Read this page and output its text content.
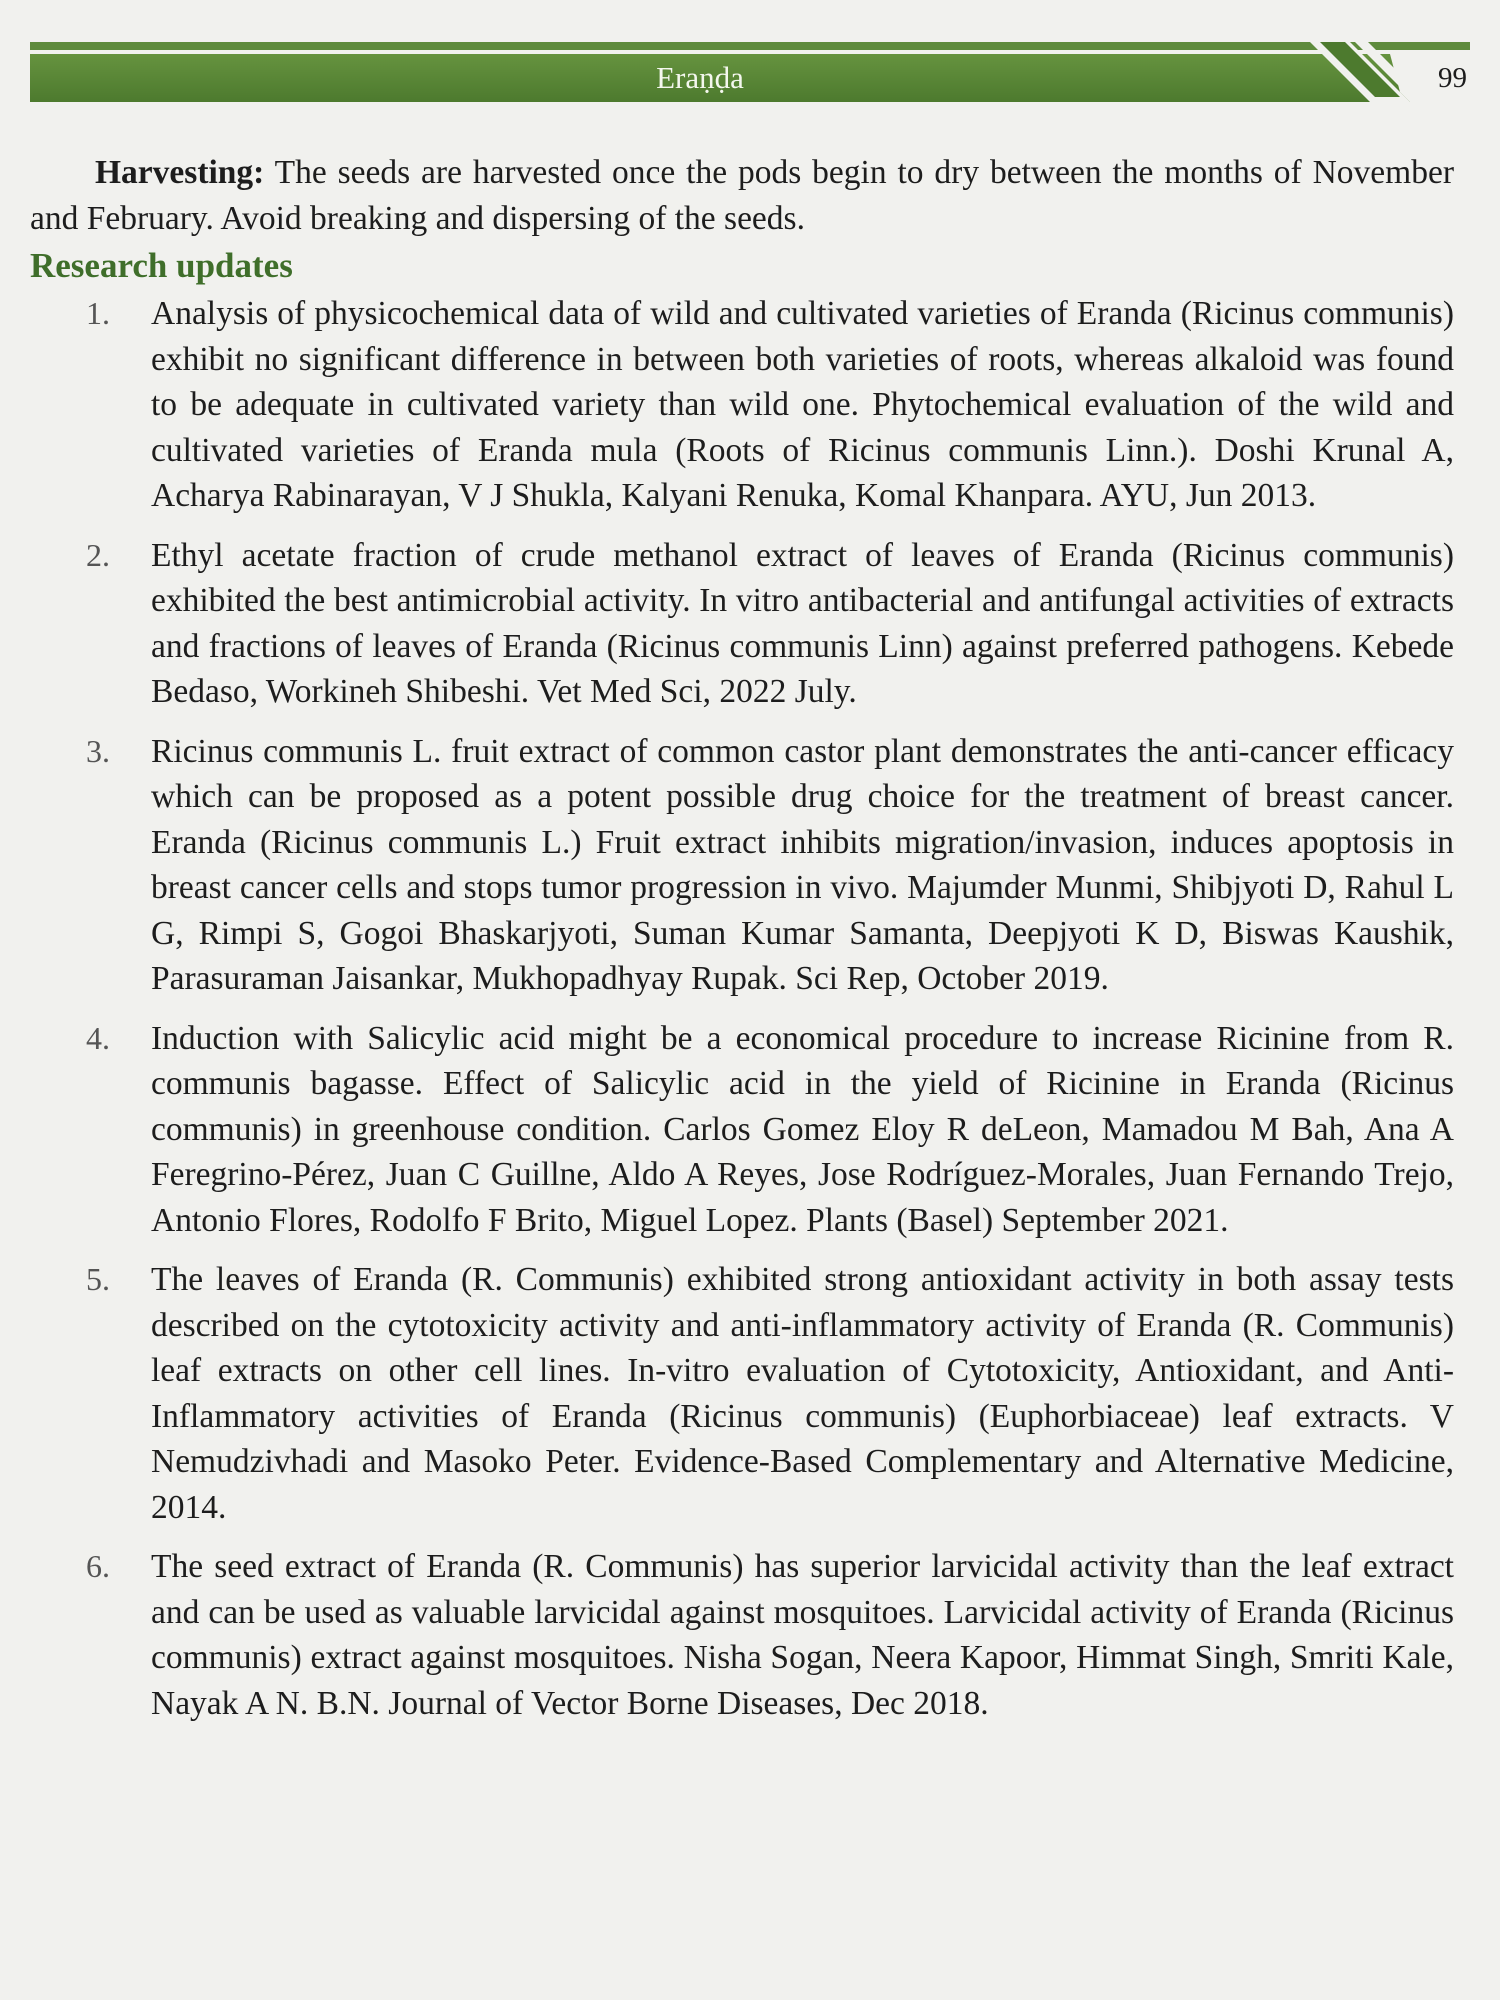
Eraṇḍa	99

Harvesting: The seeds are harvested once the pods begin to dry between the months of November and February. Avoid breaking and dispersing of the seeds.

Research updates
1. Analysis of physicochemical data of wild and cultivated varieties of Eranda (Ricinus communis) exhibit no significant difference in between both varieties of roots, whereas alkaloid was found to be adequate in cultivated variety than wild one. Phytochemical evaluation of the wild and cultivated varieties of Eranda mula (Roots of Ricinus communis Linn.). Doshi Krunal A, Acharya Rabinarayan, V J Shukla, Kalyani Renuka, Komal Khanpara. AYU, Jun 2013.
2. Ethyl acetate fraction of crude methanol extract of leaves of Eranda (Ricinus communis) exhibited the best antimicrobial activity. In vitro antibacterial and antifungal activities of extracts and fractions of leaves of Eranda (Ricinus communis Linn) against preferred pathogens. Kebede Bedaso, Workineh Shibeshi. Vet Med Sci, 2022 July.
3. Ricinus communis L. fruit extract of common castor plant demonstrates the anti-cancer efficacy which can be proposed as a potent possible drug choice for the treatment of breast cancer. Eranda (Ricinus communis L.) Fruit extract inhibits migration/invasion, induces apoptosis in breast cancer cells and stops tumor progression in vivo. Majumder Munmi, Shibjyoti D, Rahul L G, Rimpi S, Gogoi Bhaskarjyoti, Suman Kumar Samanta, Deepjyoti K D, Biswas Kaushik, Parasuraman Jaisankar, Mukhopadhyay Rupak. Sci Rep, October 2019.
4. Induction with Salicylic acid might be a economical procedure to increase Ricinine from R. communis bagasse. Effect of Salicylic acid in the yield of Ricinine in Eranda (Ricinus communis) in greenhouse condition. Carlos Gomez Eloy R deLeon, Mamadou M Bah, Ana A Feregrino-Pérez, Juan C Guillne, Aldo A Reyes, Jose Rodríguez-Morales, Juan Fernando Trejo, Antonio Flores, Rodolfo F Brito, Miguel Lopez. Plants (Basel) September 2021.
5. The leaves of Eranda (R. Communis) exhibited strong antioxidant activity in both assay tests described on the cytotoxicity activity and anti-inflammatory activity of Eranda (R. Communis) leaf extracts on other cell lines. In-vitro evaluation of Cytotoxicity, Antioxidant, and Anti-Inflammatory activities of Eranda (Ricinus communis) (Euphorbiaceae) leaf extracts. V Nemudzivhadi and Masoko Peter. Evidence-Based Complementary and Alternative Medicine, 2014.
6. The seed extract of Eranda (R. Communis) has superior larvicidal activity than the leaf extract and can be used as valuable larvicidal against mosquitoes. Larvicidal activity of Eranda (Ricinus communis) extract against mosquitoes. Nisha Sogan, Neera Kapoor, Himmat Singh, Smriti Kale, Nayak A N. B.N. Journal of Vector Borne Diseases, Dec 2018.
